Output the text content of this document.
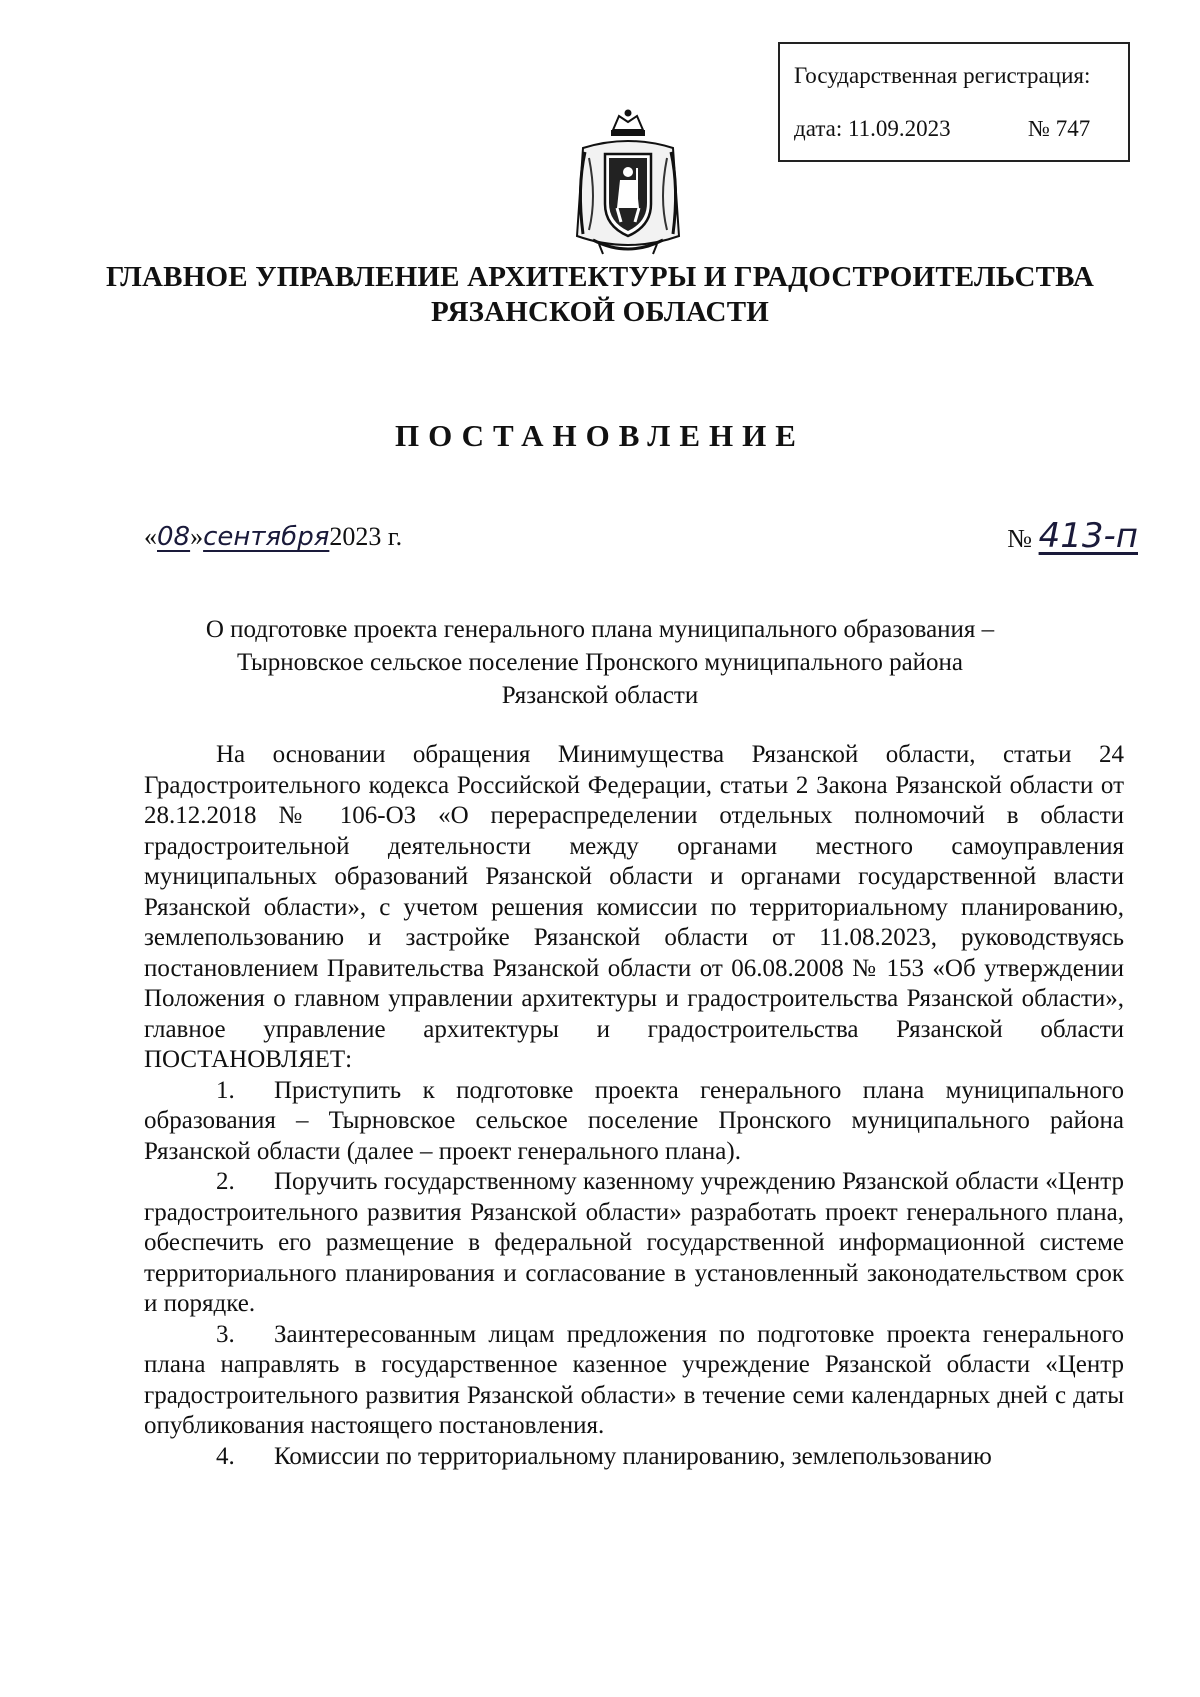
Государственная регистрация:
дата: 11.09.2023	№ 747
ГЛАВНОЕ УПРАВЛЕНИЕ АРХИТЕКТУРЫ И ГРАДОСТРОИТЕЛЬСТВА
РЯЗАНСКОЙ ОБЛАСТИ
ПОСТАНОВЛЕНИЕ
«08»сентября2023 г.	№ 413-п
О подготовке проекта генерального плана муниципального образования –
Тырновское сельское поселение Пронского муниципального района
Рязанской области

На основании обращения Минимущества Рязанской области, статьи 24 Градостроительного кодекса Российской Федерации, статьи 2 Закона Рязанской области от 28.12.2018 № 106-ОЗ «О перераспределении отдельных полномочий в области градостроительной деятельности между органами местного самоуправления муниципальных образований Рязанской области и органами государственной власти Рязанской области», с учетом решения комиссии по территориальному планированию, землепользованию и застройке Рязанской области от 11.08.2023, руководствуясь постановлением Правительства Рязанской области от 06.08.2008 № 153 «Об утверждении Положения о главном управлении архитектуры и градостроительства Рязанской области», главное управление архитектуры и градостроительства Рязанской области ПОСТАНОВЛЯЕТ:

1. Приступить к подготовке проекта генерального плана муниципального образования – Тырновское сельское поселение Пронского муниципального района Рязанской области (далее – проект генерального плана).

2. Поручить государственному казенному учреждению Рязанской области «Центр градостроительного развития Рязанской области» разработать проект генерального плана, обеспечить его размещение в федеральной государственной информационной системе территориального планирования и согласование в установленный законодательством срок и порядке.

3. Заинтересованным лицам предложения по подготовке проекта генерального плана направлять в государственное казенное учреждение Рязанской области «Центр градостроительного развития Рязанской области» в течение семи календарных дней с даты опубликования настоящего постановления.

4. Комиссии по территориальному планированию, землепользованию
